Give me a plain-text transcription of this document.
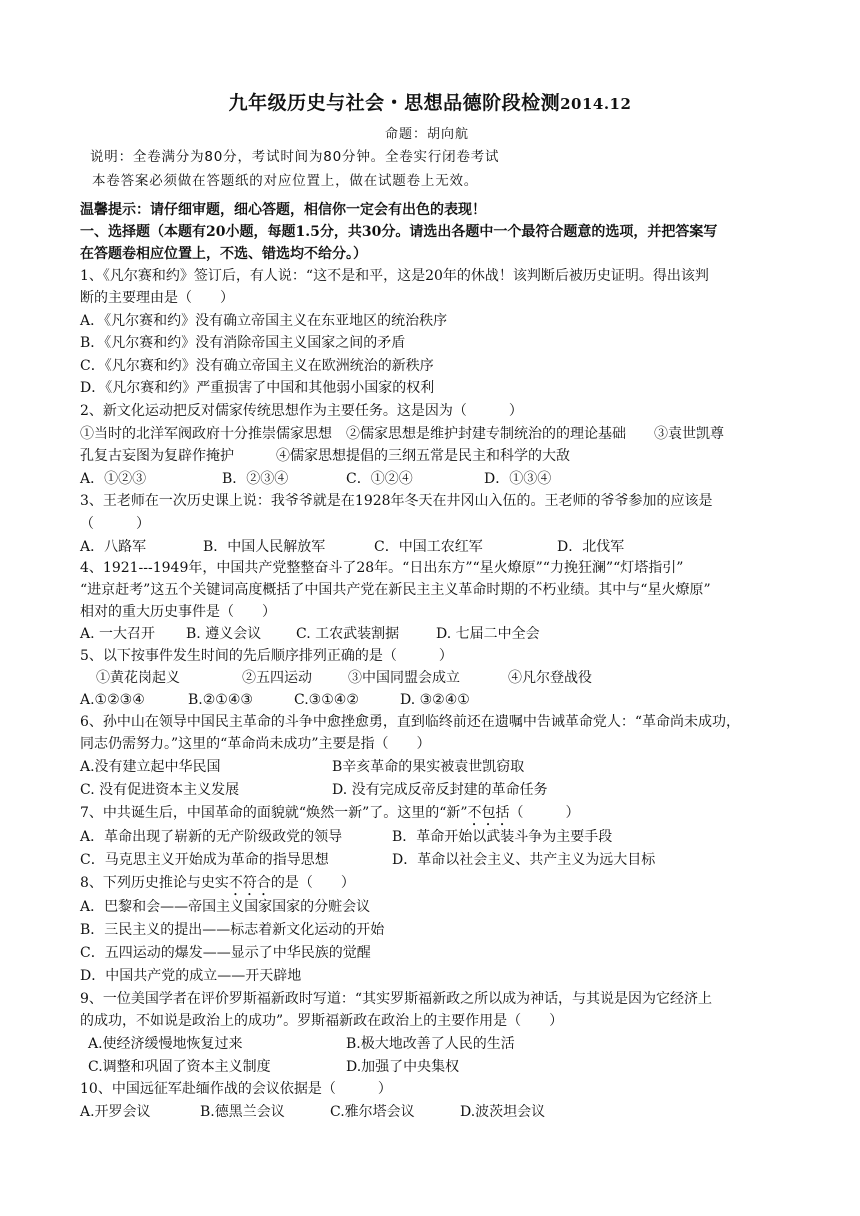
九年级历史与社会・思想品德阶段检测2014.12
命题：胡向航
说明：全卷满分为80分，考试时间为80分钟。全卷实行闭卷考试
本卷答案必须做在答题纸的对应位置上，做在试题卷上无效。
温馨提示：请仔细审题，细心答题，相信你一定会有出色的表现！
一、选择题（本题有20小题，每题1.5分，共30分。请选出各题中一个最符合题意的选项，并把答案写
在答题卷相应位置上，不选、错选均不给分。）
1、《凡尔赛和约》签订后，有人说：“这不是和平，这是20年的休战！该判断后被历史证明。得出该判
断的主要理由是（　　）
A．《凡尔赛和约》没有确立帝国主义在东亚地区的统治秩序
B．《凡尔赛和约》没有消除帝国主义国家之间的矛盾
C．《凡尔赛和约》没有确立帝国主义在欧洲统治的新秩序
D．《凡尔赛和约》严重损害了中国和其他弱小国家的权利
2、新文化运动把反对儒家传统思想作为主要任务。这是因为（　　　）
①当时的北洋军阀政府十分推崇儒家思想　②儒家思想是维护封建专制统治的的理论基础　　③袁世凯尊
孔复古妄图为复辟作掩护　　　④儒家思想提倡的三纲五常是民主和科学的大敌
A．①②③	B．②③④	C．①②④	D．①③④
3、王老师在一次历史课上说：我爷爷就是在1928年冬天在井冈山入伍的。王老师的爷爷参加的应该是
（　　　）
A．八路军	B．中国人民解放军	C．中国工农红军	D．北伐军
4、1921---1949年，中国共产党整整奋斗了28年。“日出东方”“星火燎原”“力挽狂澜”“灯塔指引”
“进京赶考”这五个关键词高度概括了中国共产党在新民主主义革命时期的不朽业绩。其中与“星火燎原”
相对的重大历史事件是（　　）
A. 一大召开 B. 遵义会议 C. 工农武装割据	D. 七届二中全会
5、以下按事件发生时间的先后顺序排列正确的是（　　　）
①黄花岗起义	②五四运动	③中国同盟会成立	④凡尔登战役
A.①②③④	B.②①④③	C.③①④②	D. ③②④①
6、孙中山在领导中国民主革命的斗争中愈挫愈勇，直到临终前还在遗嘱中告诫革命党人：“革命尚未成功，
同志仍需努力。”这里的“革命尚未成功”主要是指（　　）
A.没有建立起中华民国	B辛亥革命的果实被袁世凯窃取
C. 没有促进资本主义发展	D. 没有完成反帝反封建的革命任务
7、中共诞生后，中国革命的面貌就“焕然一新”了。这里的“新”不包括（　　　）
A．革命出现了崭新的无产阶级政党的领导	B．革命开始以武装斗争为主要手段
C．马克思主义开始成为革命的指导思想	D．革命以社会主义、共产主义为远大目标
8、下列历史推论与史实不符合的是（　　）
A．巴黎和会——帝国主义国家国家的分赃会议
B．三民主义的提出——标志着新文化运动的开始
C．五四运动的爆发——显示了中华民族的觉醒
D．中国共产党的成立——开天辟地
9、一位美国学者在评价罗斯福新政时写道：“其实罗斯福新政之所以成为神话，与其说是因为它经济上
的成功，不如说是政治上的成功”。罗斯福新政在政治上的主要作用是（　　）
A.使经济缓慢地恢复过来	B.极大地改善了人民的生活
C.调整和巩固了资本主义制度	D.加强了中央集权
10、中国远征军赴缅作战的会议依据是（　　　）
A.开罗会议	B.德黑兰会议	C.雅尔塔会议	D.波茨坦会议
